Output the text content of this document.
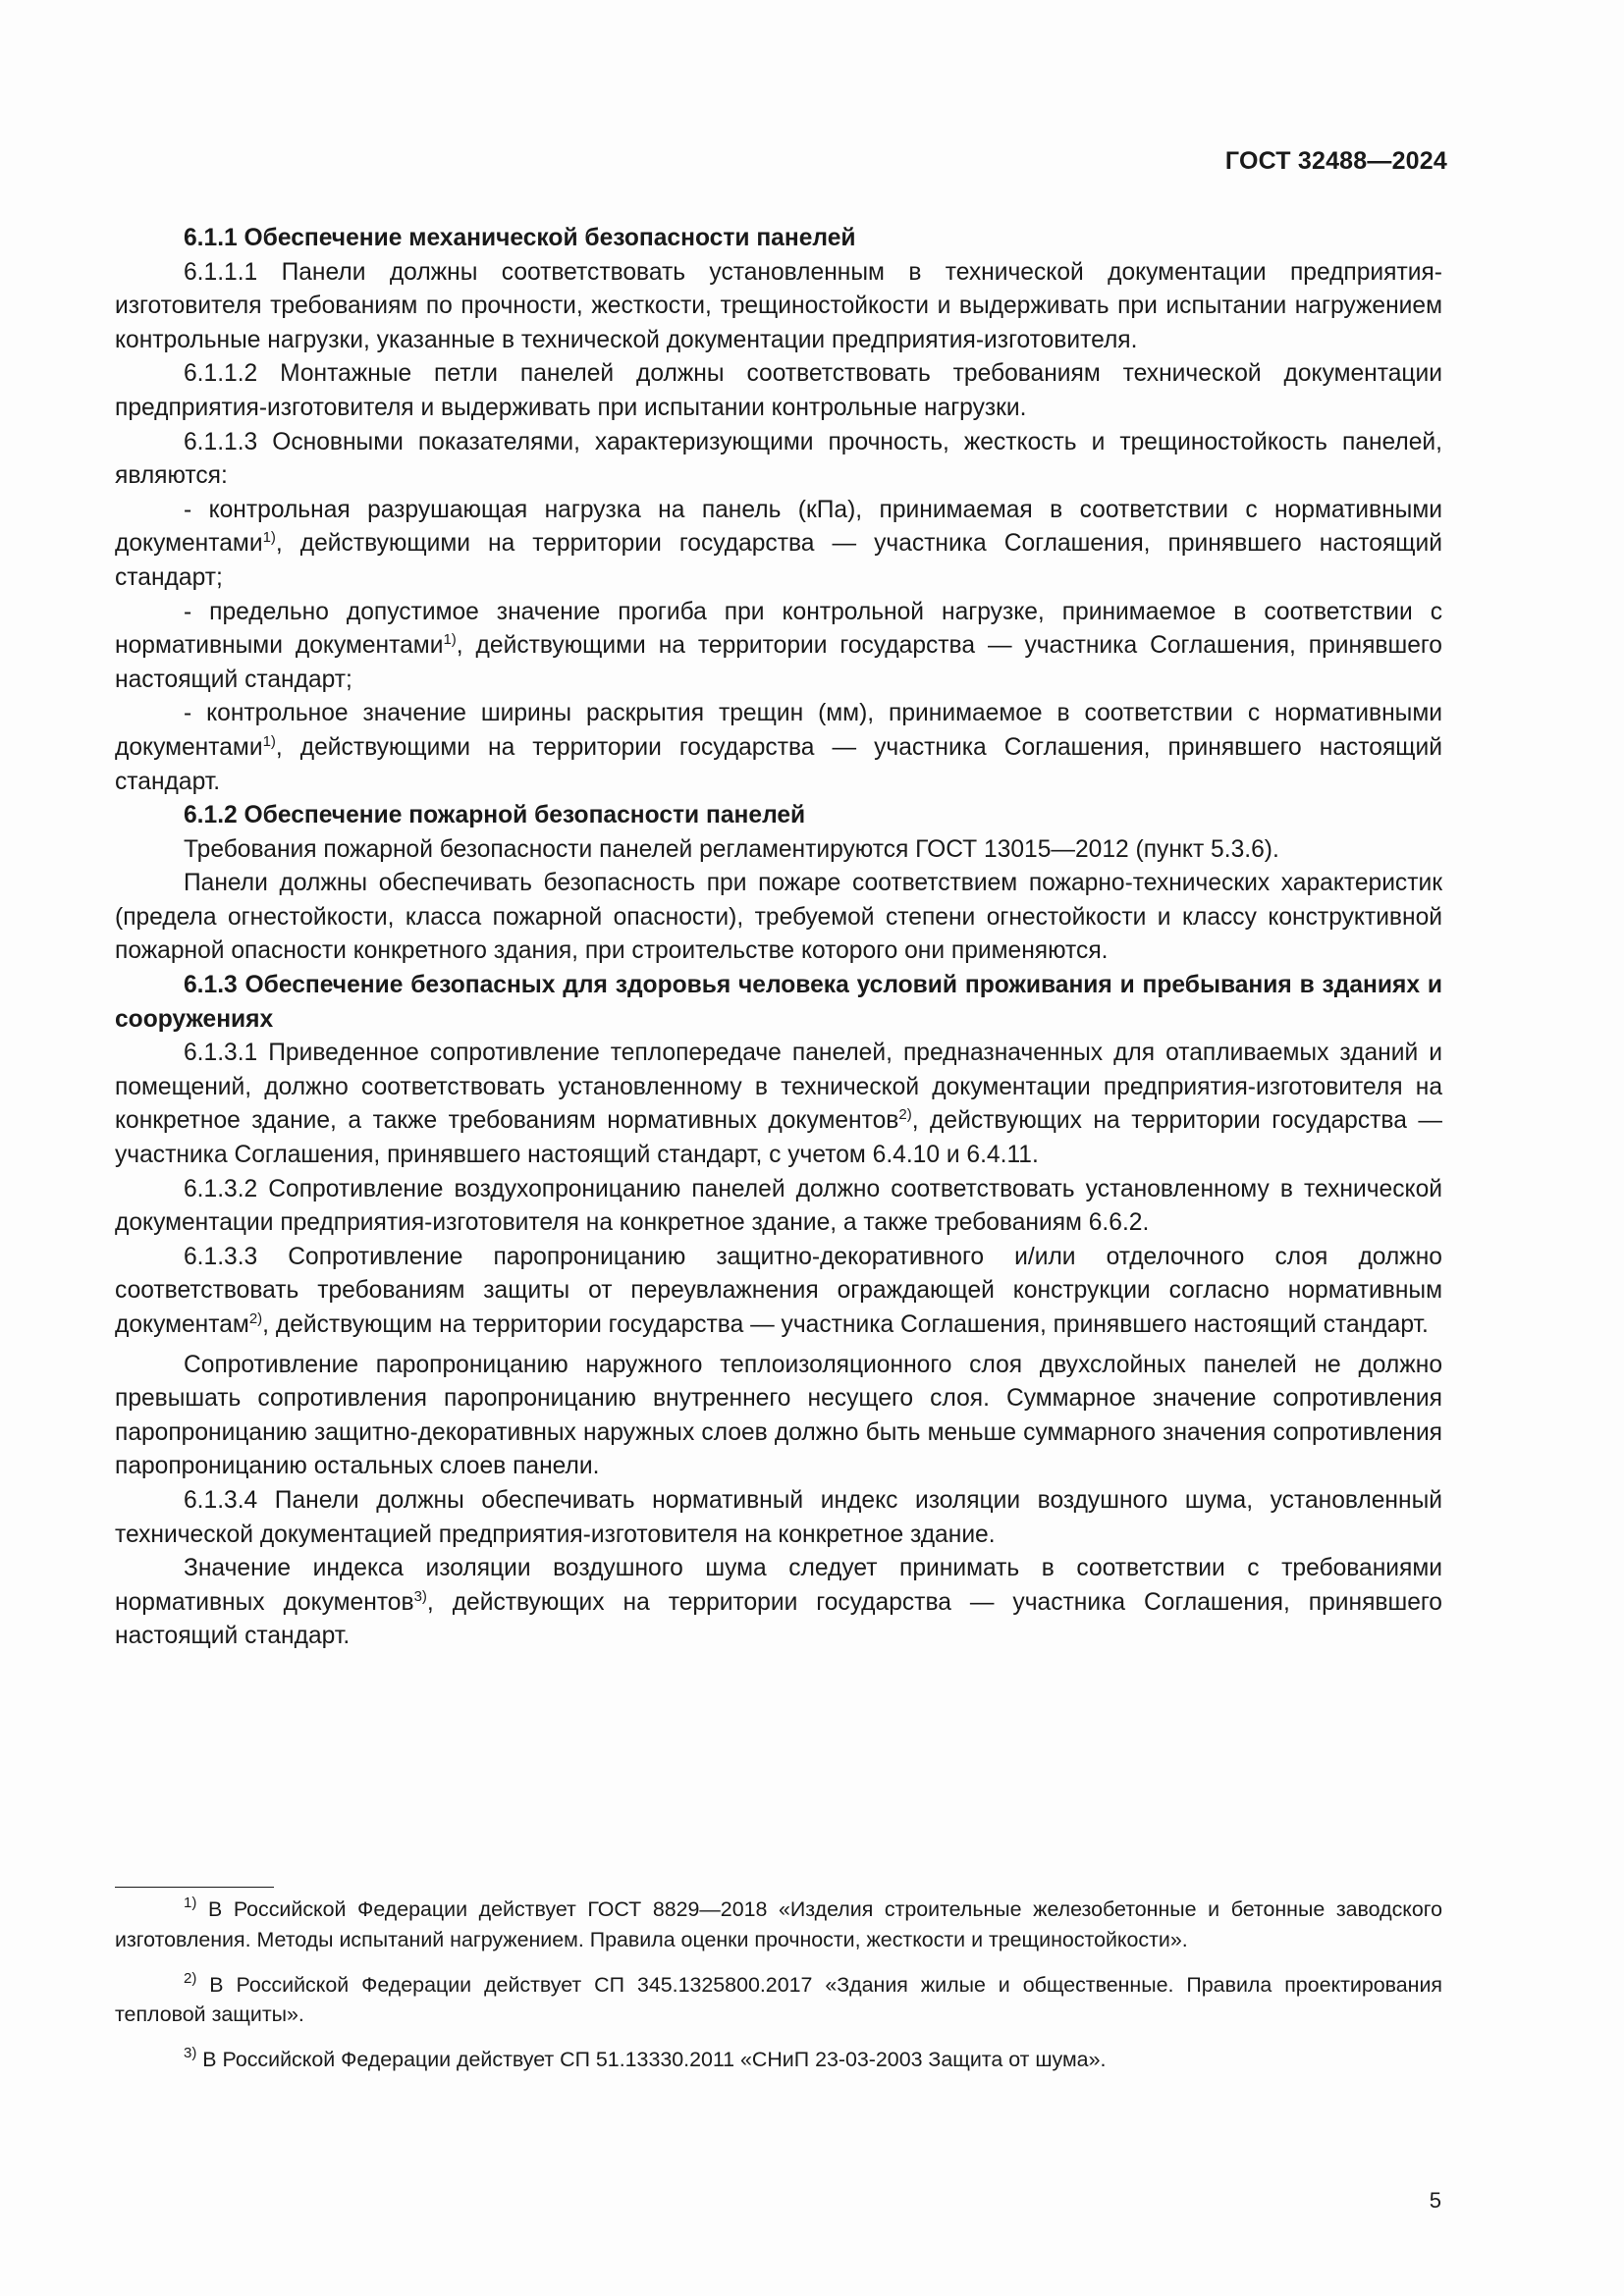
ГОСТ 32488—2024

6.1.1 Обеспечение механической безопасности панелей

6.1.1.1 Панели должны соответствовать установленным в технической документации предприятия-изготовителя требованиям по прочности, жесткости, трещиностойкости и выдерживать при испытании нагружением контрольные нагрузки, указанные в технической документации предприятия-изготовителя.

6.1.1.2 Монтажные петли панелей должны соответствовать требованиям технической документации предприятия-изготовителя и выдерживать при испытании контрольные нагрузки.

6.1.1.3 Основными показателями, характеризующими прочность, жесткость и трещиностойкость панелей, являются:

- контрольная разрушающая нагрузка на панель (кПа), принимаемая в соответствии с нормативными документами$^{1)}$, действующими на территории государства — участника Соглашения, принявшего настоящий стандарт;

- предельно допустимое значение прогиба при контрольной нагрузке, принимаемое в соответствии с нормативными документами$^{1)}$, действующими на территории государства — участника Соглашения, принявшего настоящий стандарт;

- контрольное значение ширины раскрытия трещин (мм), принимаемое в соответствии с нормативными документами$^{1)}$, действующими на территории государства — участника Соглашения, принявшего настоящий стандарт.

6.1.2 Обеспечение пожарной безопасности панелей

Требования пожарной безопасности панелей регламентируются ГОСТ 13015—2012 (пункт 5.3.6).

Панели должны обеспечивать безопасность при пожаре соответствием пожарно-технических характеристик (предела огнестойкости, класса пожарной опасности), требуемой степени огнестойкости и классу конструктивной пожарной опасности конкретного здания, при строительстве которого они применяются.

6.1.3 Обеспечение безопасных для здоровья человека условий проживания и пребывания в зданиях и сооружениях

6.1.3.1 Приведенное сопротивление теплопередаче панелей, предназначенных для отапливаемых зданий и помещений, должно соответствовать установленному в технической документации предприятия-изготовителя на конкретное здание, а также требованиям нормативных документов$^{2)}$, действующих на территории государства — участника Соглашения, принявшего настоящий стандарт, с учетом 6.4.10 и 6.4.11.

6.1.3.2 Сопротивление воздухопроницанию панелей должно соответствовать установленному в технической документации предприятия-изготовителя на конкретное здание, а также требованиям 6.6.2.

6.1.3.3 Сопротивление паропроницанию защитно-декоративного и/или отделочного слоя должно соответствовать требованиям защиты от переувлажнения ограждающей конструкции согласно нормативным документам$^{2)}$, действующим на территории государства — участника Соглашения, принявшего настоящий стандарт.

Сопротивление паропроницанию наружного теплоизоляционного слоя двухслойных панелей не должно превышать сопротивления паропроницанию внутреннего несущего слоя. Суммарное значение сопротивления паропроницанию защитно-декоративных наружных слоев должно быть меньше суммарного значения сопротивления паропроницанию остальных слоев панели.

6.1.3.4 Панели должны обеспечивать нормативный индекс изоляции воздушного шума, установленный технической документацией предприятия-изготовителя на конкретное здание.

Значение индекса изоляции воздушного шума следует принимать в соответствии с требованиями нормативных документов$^{3)}$, действующих на территории государства — участника Соглашения, принявшего настоящий стандарт.

$^{1)}$ В Российской Федерации действует ГОСТ 8829—2018 «Изделия строительные железобетонные и бетонные заводского изготовления. Методы испытаний нагружением. Правила оценки прочности, жесткости и трещиностойкости».

$^{2)}$ В Российской Федерации действует СП 345.1325800.2017 «Здания жилые и общественные. Правила проектирования тепловой защиты».

$^{3)}$ В Российской Федерации действует СП 51.13330.2011 «СНиП 23-03-2003 Защита от шума».

5
